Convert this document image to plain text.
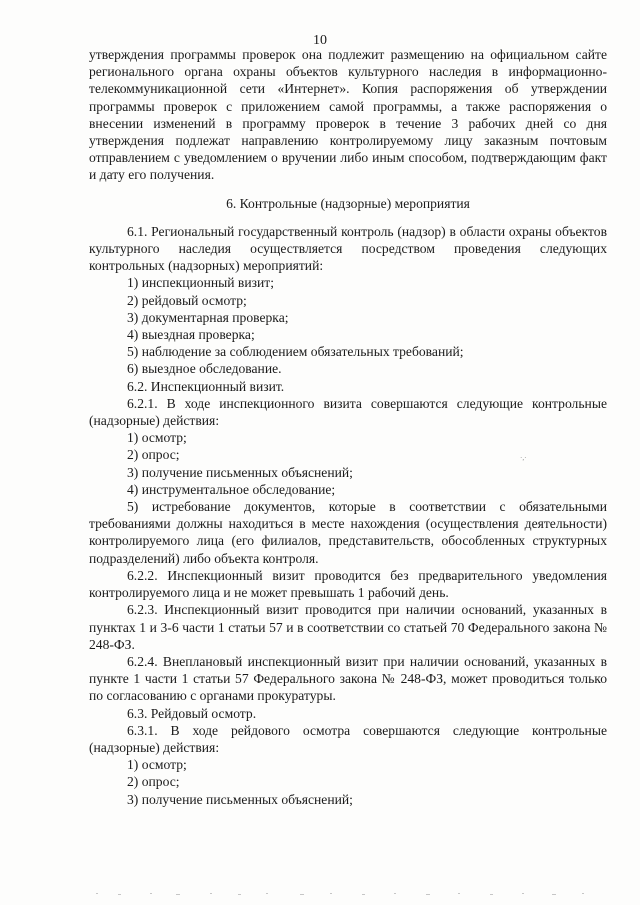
10

утверждения программы проверок она подлежит размещению на официальном сайте регионального органа охраны объектов культурного наследия в информационно-телекоммуникационной сети «Интернет». Копия распоряжения об утверждении программы проверок с приложением самой программы, а также распоряжения о внесении изменений в программу проверок в течение 3 рабочих дней со дня утверждения подлежат направлению контролируемому лицу заказным почтовым отправлением с уведомлением о вручении либо иным способом, подтверждающим факт и дату его получения.

6. Контрольные (надзорные) мероприятия

6.1. Региональный государственный контроль (надзор) в области охраны объектов культурного наследия осуществляется посредством проведения следующих контрольных (надзорных) мероприятий:

1) инспекционный визит;

2) рейдовый осмотр;

3) документарная проверка;

4) выездная проверка;

5) наблюдение за соблюдением обязательных требований;

6) выездное обследование.

6.2. Инспекционный визит.

6.2.1. В ходе инспекционного визита совершаются следующие контрольные (надзорные) действия:

1) осмотр;

2) опрос;

3) получение письменных объяснений;

4) инструментальное обследование;

5) истребование документов, которые в соответствии с обязательными требованиями должны находиться в месте нахождения (осуществления деятельности) контролируемого лица (его филиалов, представительств, обособленных структурных подразделений) либо объекта контроля.

6.2.2. Инспекционный визит проводится без предварительного уведомления контролируемого лица и не может превышать 1 рабочий день.

6.2.3. Инспекционный визит проводится при наличии оснований, указанных в пунктах 1 и 3-6 части 1 статьи 57 и в соответствии со статьей 70 Федерального закона № 248-ФЗ.

6.2.4. Внеплановый инспекционный визит при наличии оснований, указанных в пункте 1 части 1 статьи 57 Федерального закона № 248-ФЗ, может проводиться только по согласованию с органами прокуратуры.

6.3. Рейдовый осмотр.

6.3.1. В ходе рейдового осмотра совершаются следующие контрольные (надзорные) действия:

1) осмотр;

2) опрос;

3) получение письменных объяснений;

·,·
